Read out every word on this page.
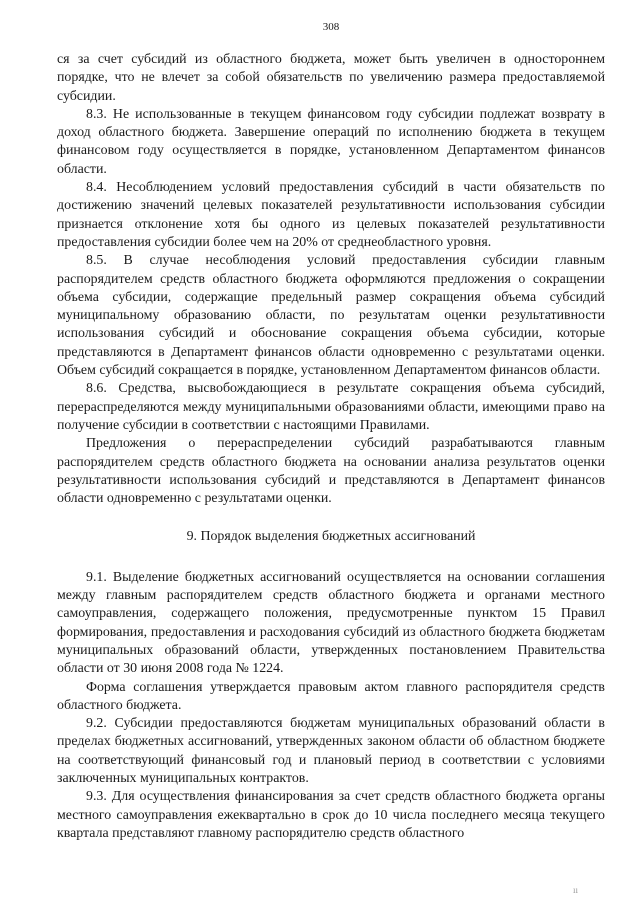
308

ся за счет субсидий из областного бюджета, может быть увеличен в одностороннем порядке, что не влечет за собой обязательств по увеличению размера предоставляемой субсидии.

8.3. Не использованные в текущем финансовом году субсидии подлежат возврату в доход областного бюджета. Завершение операций по исполнению бюджета в текущем финансовом году осуществляется в порядке, установленном Департаментом финансов области.

8.4. Несоблюдением условий предоставления субсидий в части обязательств по достижению значений целевых показателей результативности использования субсидии признается отклонение хотя бы одного из целевых показателей результативности предоставления субсидии более чем на 20% от среднеобластного уровня.

8.5. В случае несоблюдения условий предоставления субсидии главным распорядителем средств областного бюджета оформляются предложения о сокращении объема субсидии, содержащие предельный размер сокращения объема субсидий муниципальному образованию области, по результатам оценки результативности использования субсидий и обоснование сокращения объема субсидии, которые представляются в Департамент финансов области одновременно с результатами оценки. Объем субсидий сокращается в порядке, установленном Департаментом финансов области.

8.6. Средства, высвобождающиеся в результате сокращения объема субсидий, перераспределяются между муниципальными образованиями области, имеющими право на получение субсидии в соответствии с настоящими Правилами.

Предложения о перераспределении субсидий разрабатываются главным распорядителем средств областного бюджета на основании анализа результатов оценки результативности использования субсидий и представляются в Департамент финансов области одновременно с результатами оценки.

9. Порядок выделения бюджетных ассигнований

9.1. Выделение бюджетных ассигнований осуществляется на основании соглашения между главным распорядителем средств областного бюджета и органами местного самоуправления, содержащего положения, предусмотренные пунктом 15 Правил формирования, предоставления и расходования субсидий из областного бюджета бюджетам муниципальных образований области, утвержденных постановлением Правительства области от 30 июня 2008 года № 1224.

Форма соглашения утверждается правовым актом главного распорядителя средств областного бюджета.

9.2. Субсидии предоставляются бюджетам муниципальных образований области в пределах бюджетных ассигнований, утвержденных законом области об областном бюджете на соответствующий финансовый год и плановый период в соответствии с условиями заключенных муниципальных контрактов.

9.3. Для осуществления финансирования за счет средств областного бюджета органы местного самоуправления ежеквартально в срок до 10 числа последнего месяца текущего квартала представляют главному распорядителю средств областного

ıı
